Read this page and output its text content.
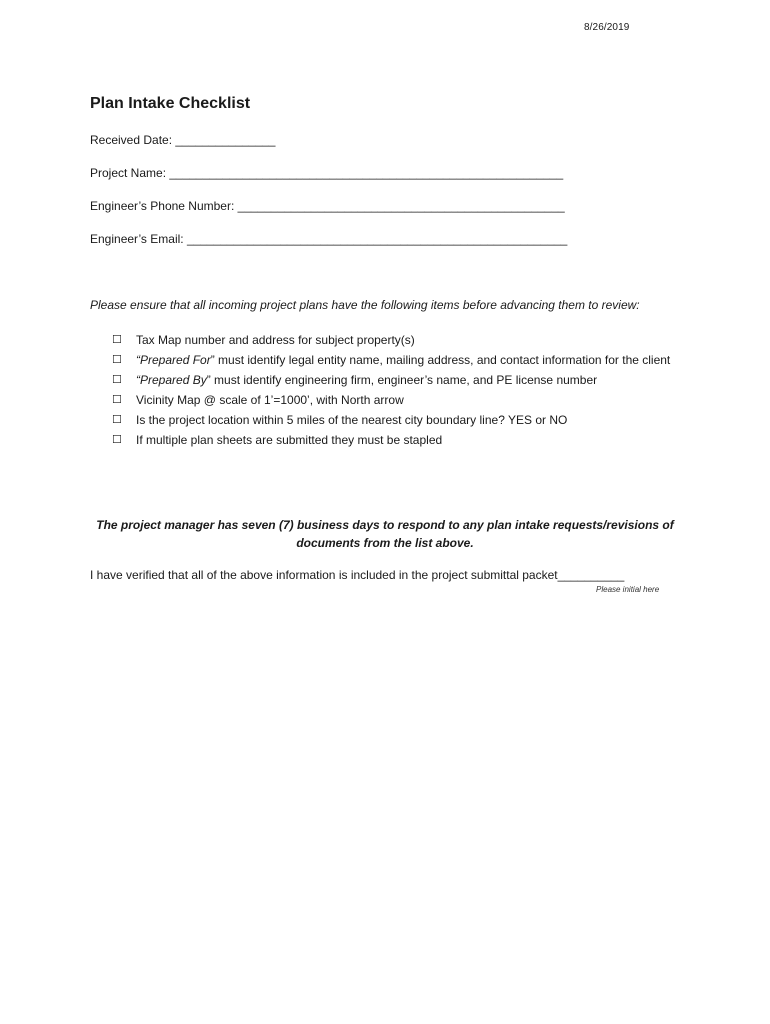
8/26/2019
Plan Intake Checklist
Received Date: _______________
Project Name: ___________________________________________________________
Engineer’s Phone Number: _________________________________________________
Engineer’s Email: _________________________________________________________
Please ensure that all incoming project plans have the following items before advancing them to review:
☐	Tax Map number and address for subject property(s)
☐	“Prepared For” must identify legal entity name, mailing address, and contact information for the client
☐	“Prepared By” must identify engineering firm, engineer’s name, and PE license number
☐	Vicinity Map @ scale of 1’=1000’, with North arrow
☐	Is the project location within 5 miles of the nearest city boundary line? YES or NO
☐	If multiple plan sheets are submitted they must be stapled
The project manager has seven (7) business days to respond to any plan intake requests/revisions of documents from the list above.
I have verified that all of the above information is included in the project submittal packet__________
Please initial here
